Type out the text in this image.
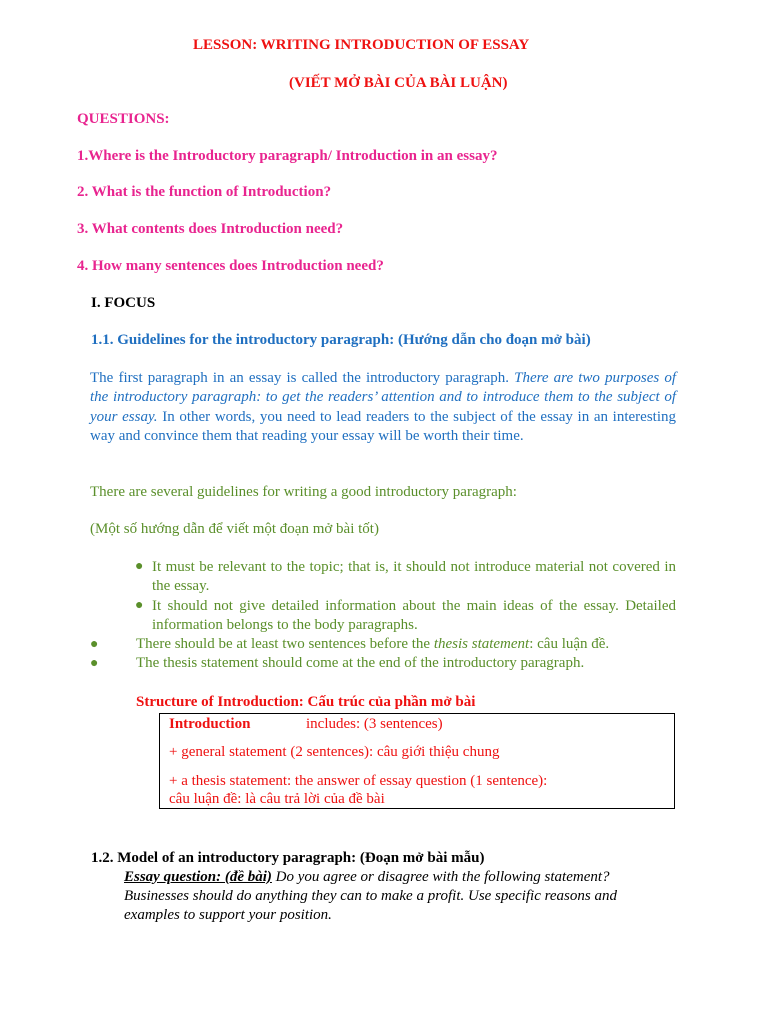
LESSON: WRITING INTRODUCTION OF ESSAY
(VIẾT MỞ BÀI CỦA BÀI LUẬN)
QUESTIONS:
1.Where is the Introductory paragraph/ Introduction in an essay?
2. What is the function of Introduction?
3. What contents does Introduction need?
4. How many sentences does Introduction need?
I. FOCUS
1.1. Guidelines for the introductory paragraph: (Hướng dẫn cho đoạn mở bài)
The first paragraph in an essay is called the introductory paragraph. There are two purposes of the introductory paragraph: to get the readers’ attention and to introduce them to the subject of your essay. In other words, you need to lead readers to the subject of the essay in an interesting way and convince them that reading your essay will be worth their time.
There are several guidelines for writing a good introductory paragraph:
(Một số hướng dẫn để viết một đoạn mở bài tốt)
● It must be relevant to the topic; that is, it should not introduce material not covered in the essay.
● It should not give detailed information about the main ideas of the essay. Detailed information belongs to the body paragraphs.
●	There should be at least two sentences before the thesis statement: câu luận đề.
●	The thesis statement should come at the end of the introductory paragraph.
Structure of Introduction: Cấu trúc của phần mở bài
Introduction	includes: (3 sentences)
+ general statement (2 sentences): câu giới thiệu chung
+ a thesis statement: the answer of essay question (1 sentence):
câu luận đề: là câu trả lời của đề bài
1.2. Model of an introductory paragraph: (Đoạn mở bài mẫu)
Essay question: (đề bài) Do you agree or disagree with the following statement?
Businesses should do anything they can to make a profit. Use specific reasons and
examples to support your position.
